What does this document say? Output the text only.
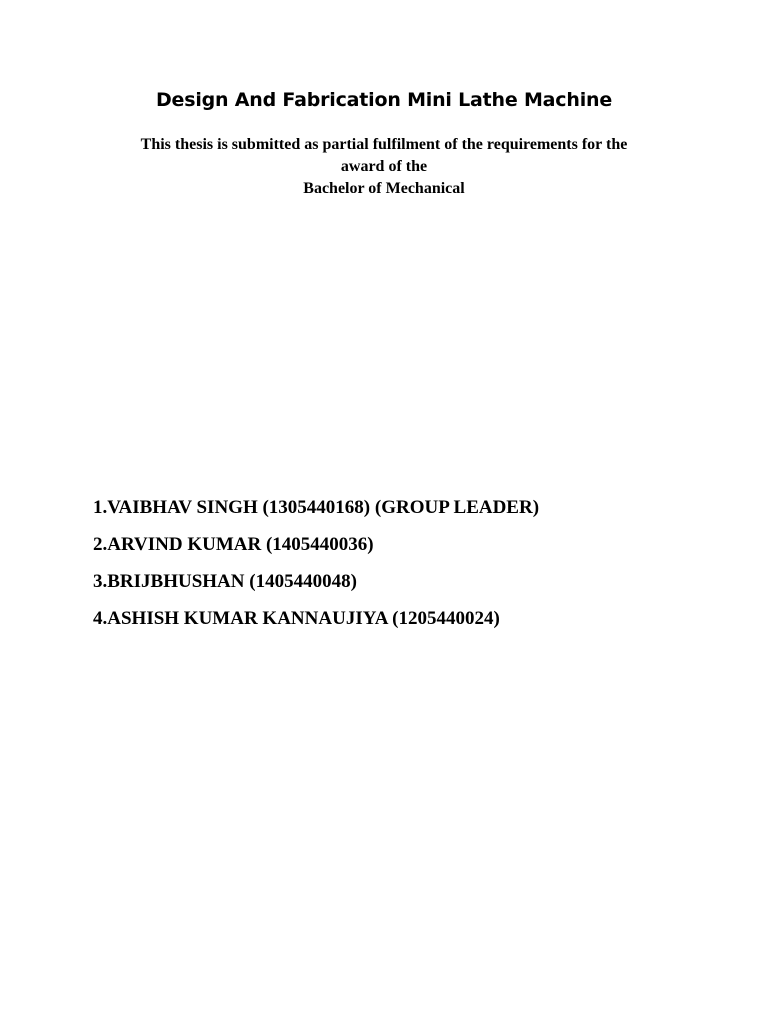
Design And Fabrication Mini Lathe Machine
This thesis is submitted as partial fulfilment of the requirements for the
award of the
Bachelor of Mechanical
1.VAIBHAV SINGH (1305440168) (GROUP LEADER)
2.ARVIND KUMAR (1405440036)
3.BRIJBHUSHAN (1405440048)
4.ASHISH KUMAR KANNAUJIYA (1205440024)
